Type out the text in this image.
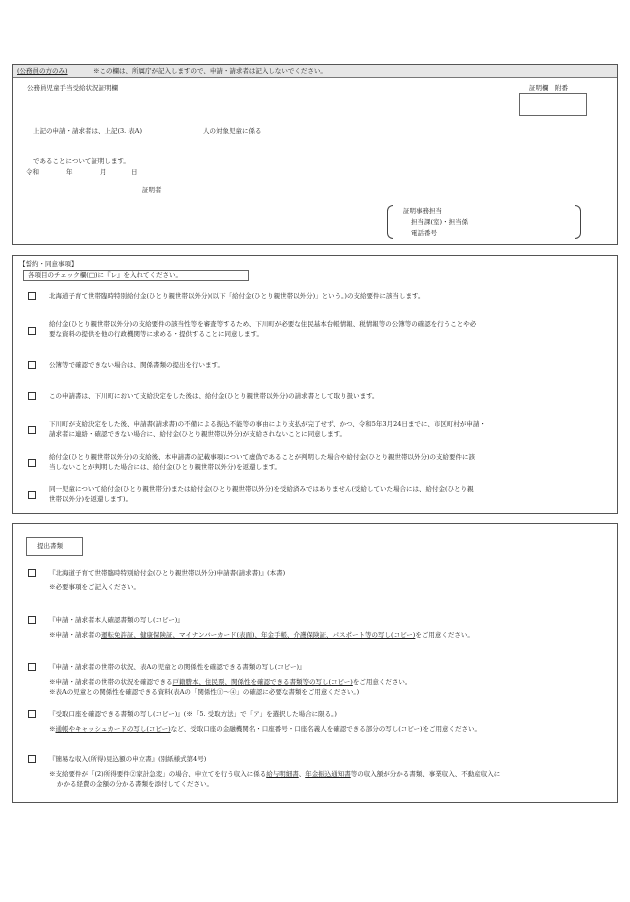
(公務員の方のみ)	※この欄は、所属庁が記入しますので、申請・請求者は記入しないでください。
公務員児童手当受給状況証明欄	証明欄　附番
上記の申請・請求者は、上記(3. 表A)	人の対象児童に係る
であることについて証明します。
令和	年	月	日
証明者
証明事務担当
担当課(室)・担当係
電話番号
【誓約・同意事項】
各項目のチェック欄(□)に『レ』を入れてください。
北海道子育て世帯臨時特別給付金(ひとり親世帯以外分)(以下「給付金(ひとり親世帯以外分)」という。)の支給要件に該当します。
給付金(ひとり親世帯以外分)の支給要件の該当性等を審査等するため、下川町が必要な住民基本台帳情報、税情報等の公簿等の確認を行うことや必
要な資料の提供を他の行政機関等に求める・提供することに同意します。
公簿等で確認できない場合は、関係書類の提出を行います。
この申請書は、下川町において支給決定をした後は、給付金(ひとり親世帯以外分)の請求書として取り扱います。
下川町が支給決定をした後、申請書(請求書)の不備による振込不能等の事由により支払が完了せず、かつ、令和5年3月24日までに、市区町村が申請・
請求者に連絡・確認できない場合に、給付金(ひとり親世帯以外分)が支給されないことに同意します。
給付金(ひとり親世帯以外分)の支給後、本申請書の記載事項について虚偽であることが判明した場合や給付金(ひとり親世帯以外分)の支給要件に該
当しないことが判明した場合には、給付金(ひとり親世帯以外分)を返還します。
同一児童について給付金(ひとり親世帯分)または給付金(ひとり親世帯以外分)を受給済みではありません(受給していた場合には、給付金(ひとり親
世帯以外分)を返還します)。
提出書類
『北海道子育て世帯臨時特別給付金(ひとり親世帯以外分)申請書(請求書)』(本書)
※必要事項をご記入ください。
『申請・請求者本人確認書類の写し(コピー)』
※申請・請求者の運転免許証、健康保険証、マイナンバーカード(表面)、年金手帳、介護保険証、パスポート等の写し(コピー)をご用意ください。
『申請・請求者の世帯の状況、表Aの児童との関係性を確認できる書類の写し(コピー)』
※申請・請求者の世帯の状況を確認できる戸籍謄本、住民票、関係性を確認できる書類等の写し(コピー)をご用意ください。
※表Aの児童との関係性を確認できる資料(表Aの「関係性①～④」の確認に必要な書類をご用意ください。)
『受取口座を確認できる書類の写し(コピー)』(※「5. 受取方法」で「ア」を選択した場合に限る。)
※通帳やキャッシュカードの写し(コピー)など、受取口座の金融機関名・口座番号・口座名義人を確認できる部分の写し(コピー)をご用意ください。
『簡易な収入(所得)見込額の申立書』(別紙様式第4号)
※支給要件が「(2)所得要件②家計急変」の場合、申立てを行う収入に係る給与明細書、年金振込通知書等の収入額が分かる書類、事業収入、不動産収入に
かかる経費の金額の分かる書類を添付してください。
